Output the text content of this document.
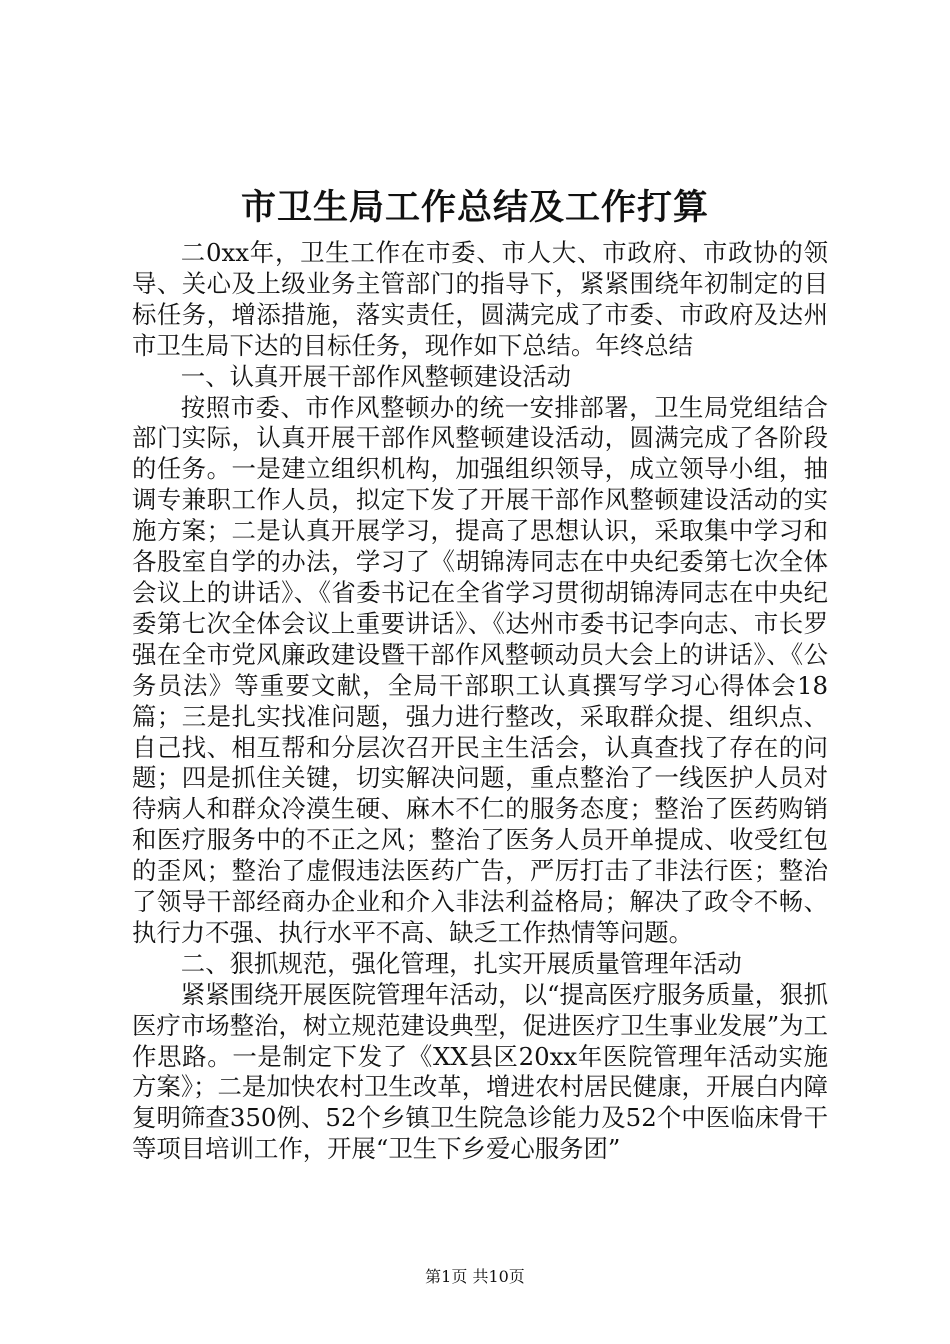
市卫生局工作总结及工作打算

二0xx年，卫生工作在市委、市人大、市政府、市政协的领导、关心及上级业务主管部门的指导下，紧紧围绕年初制定的目标任务，增添措施，落实责任，圆满完成了市委、市政府及达州市卫生局下达的目标任务，现作如下总结。年终总结

一、认真开展干部作风整顿建设活动

按照市委、市作风整顿办的统一安排部署，卫生局党组结合部门实际，认真开展干部作风整顿建设活动，圆满完成了各阶段的任务。一是建立组织机构，加强组织领导，成立领导小组，抽调专兼职工作人员，拟定下发了开展干部作风整顿建设活动的实施方案；二是认真开展学习，提高了思想认识，采取集中学习和各股室自学的办法，学习了《胡锦涛同志在中央纪委第七次全体会议上的讲话》、《省委书记在全省学习贯彻胡锦涛同志在中央纪委第七次全体会议上重要讲话》、《达州市委书记李向志、市长罗强在全市党风廉政建设暨干部作风整顿动员大会上的讲话》、《公务员法》等重要文献，全局干部职工认真撰写学习心得体会18篇；三是扎实找准问题，强力进行整改，采取群众提、组织点、自己找、相互帮和分层次召开民主生活会，认真查找了存在的问题；四是抓住关键，切实解决问题，重点整治了一线医护人员对待病人和群众冷漠生硬、麻木不仁的服务态度；整治了医药购销和医疗服务中的不正之风；整治了医务人员开单提成、收受红包的歪风；整治了虚假违法医药广告，严厉打击了非法行医；整治了领导干部经商办企业和介入非法利益格局；解决了政令不畅、执行力不强、执行水平不高、缺乏工作热情等问题。

二、狠抓规范，强化管理，扎实开展质量管理年活动

紧紧围绕开展医院管理年活动，以“提高医疗服务质量，狠抓医疗市场整治，树立规范建设典型，促进医疗卫生事业发展”为工作思路。一是制定下发了《XX县区20xx年医院管理年活动实施方案》；二是加快农村卫生改革，增进农村居民健康，开展白内障复明筛查350例、52个乡镇卫生院急诊能力及52个中医临床骨干等项目培训工作，开展“卫生下乡爱心服务团”

第1页 共10页
